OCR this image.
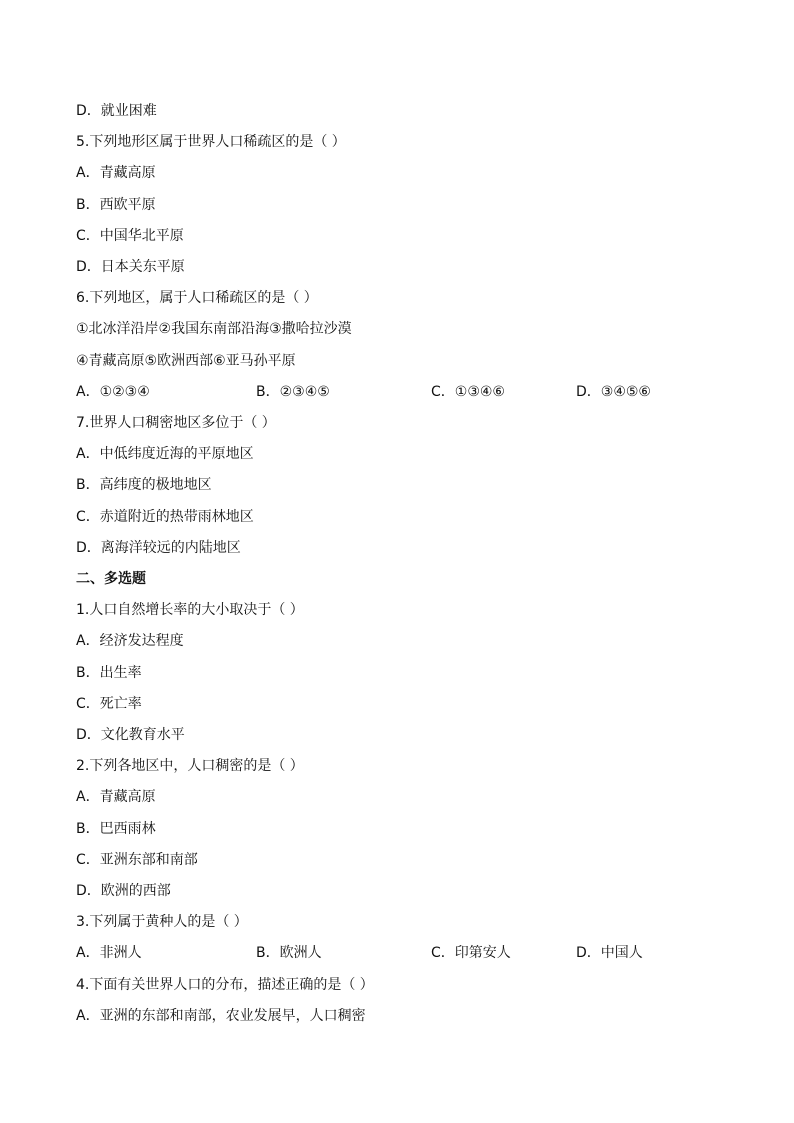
D．就业困难
5.下列地形区属于世界人口稀疏区的是（ ）
A．青藏高原
B．西欧平原
C．中国华北平原
D．日本关东平原
6.下列地区，属于人口稀疏区的是（ ）
①北冰洋沿岸②我国东南部沿海③撒哈拉沙漠
④青藏高原⑤欧洲西部⑥亚马孙平原
A．①②③④	B．②③④⑤	C．①③④⑥	D．③④⑤⑥
7.世界人口稠密地区多位于（ ）
A．中低纬度近海的平原地区
B．高纬度的极地地区
C．赤道附近的热带雨林地区
D．离海洋较远的内陆地区
二、多选题
1.人口自然增长率的大小取决于（ ）
A．经济发达程度
B．出生率
C．死亡率
D．文化教育水平
2.下列各地区中，人口稠密的是（ ）
A．青藏高原
B．巴西雨林
C．亚洲东部和南部
D．欧洲的西部
3.下列属于黄种人的是（ ）
A．非洲人	B．欧洲人	C．印第安人	D．中国人
4.下面有关世界人口的分布，描述正确的是（ ）
A．亚洲的东部和南部，农业发展早，人口稠密
